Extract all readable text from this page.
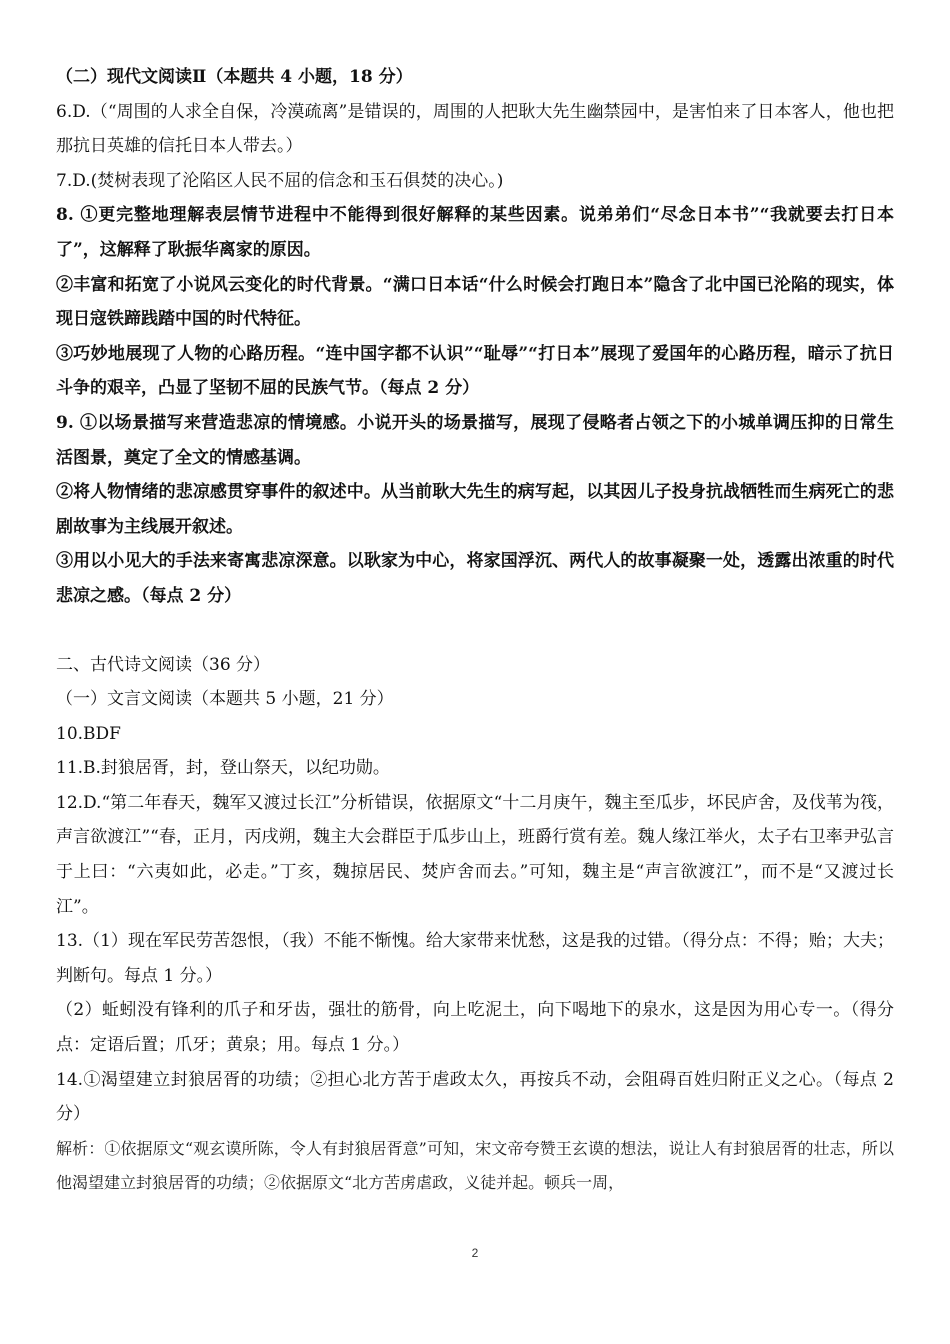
（二）现代文阅读Ⅱ（本题共 4 小题，18 分）

6.D.（“周围的人求全自保，冷漠疏离”是错误的，周围的人把耿大先生幽禁园中，是害怕来了日本客人，他也把那抗日英雄的信托日本人带去。）

7.D.(焚树表现了沦陷区人民不屈的信念和玉石俱焚的决心。)

8. ①更完整地理解表层情节进程中不能得到很好解释的某些因素。说弟弟们“尽念日本书”“我就要去打日本了”，这解释了耿振华离家的原因。

②丰富和拓宽了小说风云变化的时代背景。“满口日本话“什么时候会打跑日本”隐含了北中国已沦陷的现实，体现日寇铁蹄践踏中国的时代特征。

③巧妙地展现了人物的心路历程。“连中国字都不认识”“耻辱”“打日本”展现了爱国年的心路历程，暗示了抗日斗争的艰辛，凸显了坚韧不屈的民族气节。（每点 2 分）

9. ①以场景描写来营造悲凉的情境感。小说开头的场景描写，展现了侵略者占领之下的小城单调压抑的日常生活图景，奠定了全文的情感基调。

②将人物情绪的悲凉感贯穿事件的叙述中。从当前耿大先生的病写起，以其因儿子投身抗战牺牲而生病死亡的悲剧故事为主线展开叙述。

③用以小见大的手法来寄寓悲凉深意。以耿家为中心，将家国浮沉、两代人的故事凝聚一处，透露出浓重的时代悲凉之感。（每点 2 分）

二、古代诗文阅读（36 分）

（一）文言文阅读（本题共 5 小题，21 分）

10.BDF

11.B.封狼居胥，封，登山祭天，以纪功勋。

12.D.“第二年春天，魏军又渡过长江”分析错误，依据原文“十二月庚午，魏主至瓜步，坏民庐舍，及伐苇为筏，声言欲渡江”“春，正月，丙戌朔，魏主大会群臣于瓜步山上，班爵行赏有差。魏人缘江举火，太子右卫率尹弘言于上曰：“六夷如此，必走。”丁亥，魏掠居民、焚庐舍而去。”可知，魏主是“声言欲渡江”，而不是“又渡过长江”。

13.（1）现在军民劳苦怨恨，（我）不能不惭愧。给大家带来忧愁，这是我的过错。（得分点：不得；贻；大夫；判断句。每点 1 分。）

（2）蚯蚓没有锋利的爪子和牙齿，强壮的筋骨，向上吃泥土，向下喝地下的泉水，这是因为用心专一。（得分点：定语后置；爪牙；黄泉；用。每点 1 分。）

14.①渴望建立封狼居胥的功绩；②担心北方苦于虐政太久，再按兵不动，会阻碍百姓归附正义之心。（每点 2 分）

解析：①依据原文“观玄谟所陈，令人有封狼居胥意”可知，宋文帝夸赞王玄谟的想法，说让人有封狼居胥的壮志，所以他渴望建立封狼居胥的功绩；②依据原文“北方苦虏虐政，义徒并起。顿兵一周，

2
